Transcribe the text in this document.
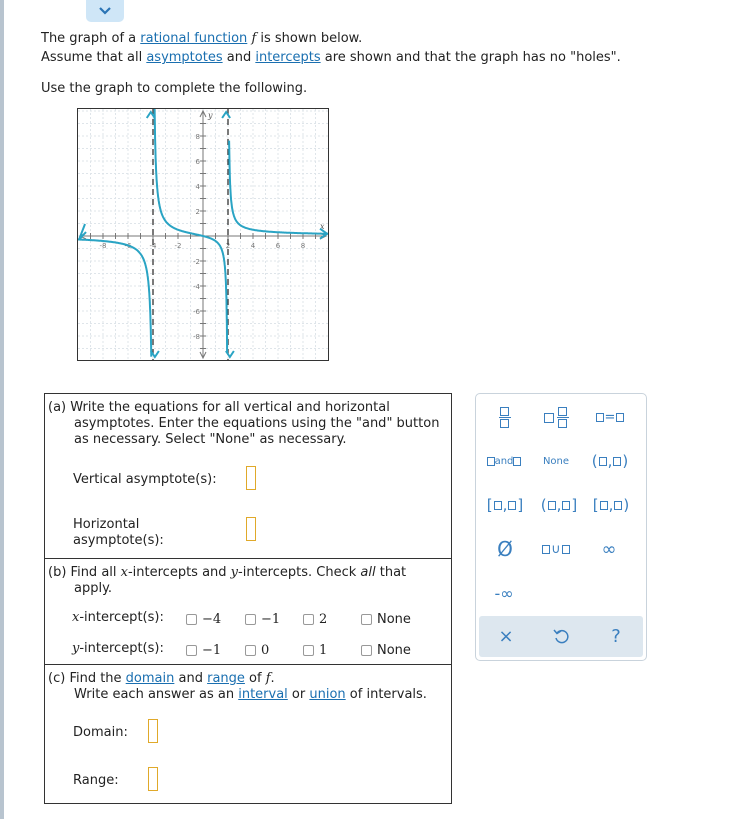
The graph of a rational function f is shown below.

Assume that all asymptotes and intercepts are shown and that the graph has no "holes".

Use the graph to complete the following.

-8	-6	-4	-2	2	4	6	8
8
6
4
2
-2
-4
-6
-8
x
y
(a) Write the equations for all vertical and horizontal asymptotes. Enter the equations using the "and" button as necessary. Select "None" as necessary.
Vertical asymptote(s):
Horizontal
asymptote(s):
(b) Find all x-intercepts and y-intercepts. Check all that apply.
x-intercept(s):	−4	−1	2	None
y-intercept(s):	−1	0	1	None
(c) Find the domain and range of f.
Write each answer as an interval or union of intervals.
Domain:
Range:
=
and	None	( , )
[ , ]	( , ]	[ , )
Ø	∪	∞
-∞
×	?
